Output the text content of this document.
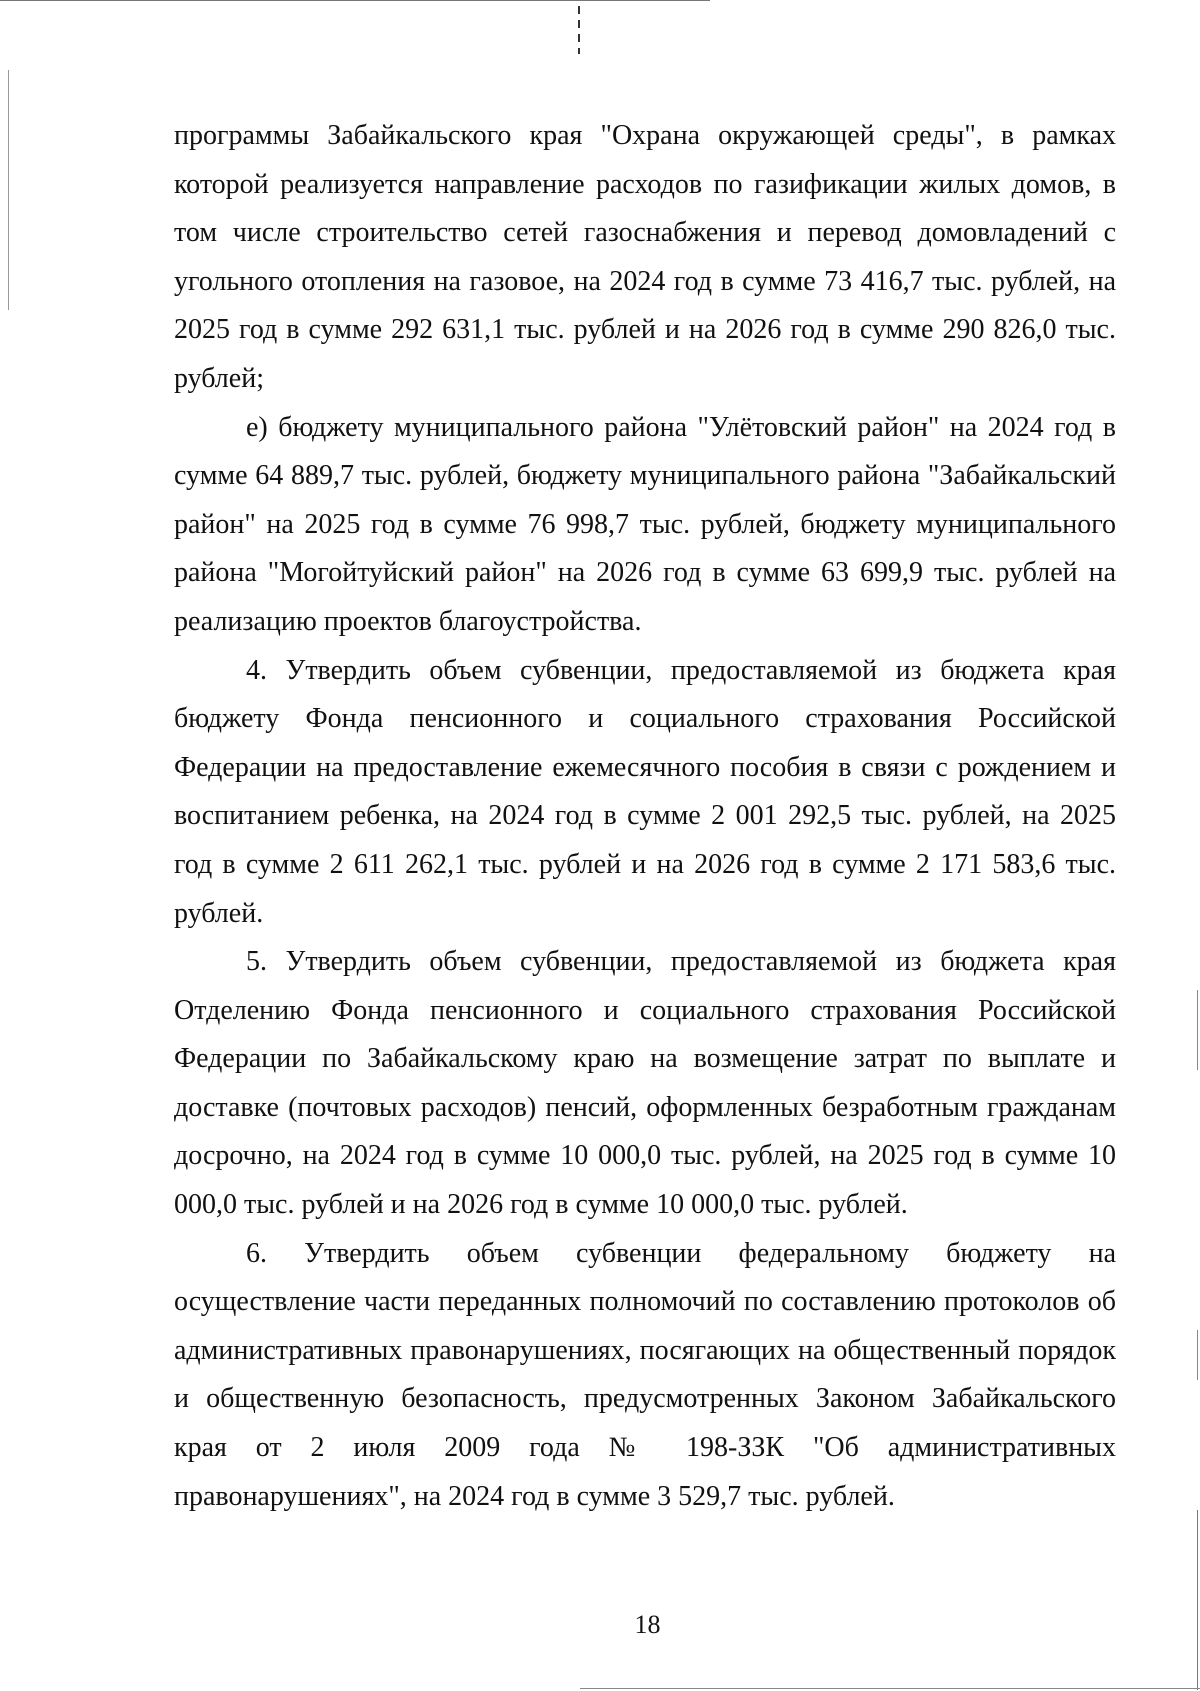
программы Забайкальского края "Охрана окружающей среды", в рамках которой реализуется направление расходов по газификации жилых домов, в том числе строительство сетей газоснабжения и перевод домовладений с угольного отопления на газовое, на 2024 год в сумме 73 416,7 тыс. рублей, на 2025 год в сумме 292 631,1 тыс. рублей и на 2026 год в сумме 290 826,0 тыс. рублей;

е) бюджету муниципального района "Улётовский район" на 2024 год в сумме 64 889,7 тыс. рублей, бюджету муниципального района "Забайкальский район" на 2025 год в сумме 76 998,7 тыс. рублей, бюджету муниципального района "Могойтуйский район" на 2026 год в сумме 63 699,9 тыс. рублей на реализацию проектов благоустройства.

4. Утвердить объем субвенции, предоставляемой из бюджета края бюджету Фонда пенсионного и социального страхования Российской Федерации на предоставление ежемесячного пособия в связи с рождением и воспитанием ребенка, на 2024 год в сумме 2 001 292,5 тыс. рублей, на 2025 год в сумме 2 611 262,1 тыс. рублей и на 2026 год в сумме 2 171 583,6 тыс. рублей.

5. Утвердить объем субвенции, предоставляемой из бюджета края Отделению Фонда пенсионного и социального страхования Российской Федерации по Забайкальскому краю на возмещение затрат по выплате и доставке (почтовых расходов) пенсий, оформленных безработным гражданам досрочно, на 2024 год в сумме 10 000,0 тыс. рублей, на 2025 год в сумме 10 000,0 тыс. рублей и на 2026 год в сумме 10 000,0 тыс. рублей.

6. Утвердить объем субвенции федеральному бюджету на осуществление части переданных полномочий по составлению протоколов об административных правонарушениях, посягающих на общественный порядок и общественную безопасность, предусмотренных Законом Забайкальского края от 2 июля 2009 года № 198-ЗЗК "Об административных правонарушениях", на 2024 год в сумме 3 529,7 тыс. рублей.

18
